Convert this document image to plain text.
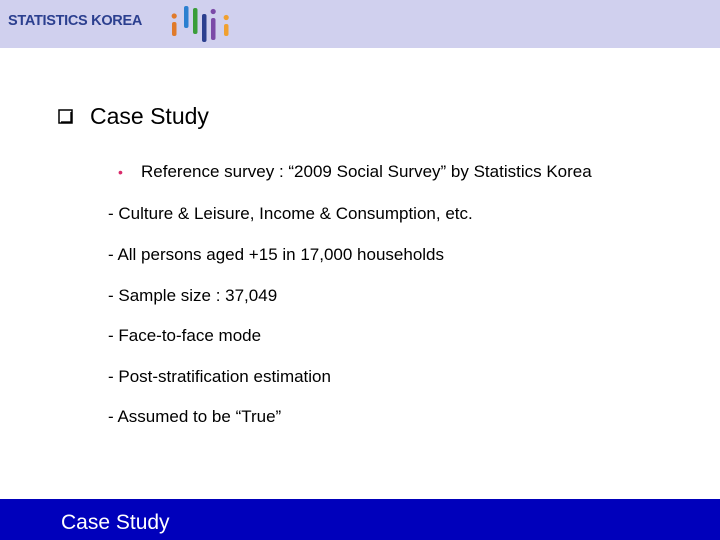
STATISTICS KOREA
Case Study
•	Reference survey : “2009 Social Survey” by Statistics Korea
- Culture & Leisure, Income & Consumption, etc.
- All persons aged +15 in 17,000 households
- Sample size : 37,049
- Face-to-face mode
- Post-stratification estimation
- Assumed to be “True”
Case Study
